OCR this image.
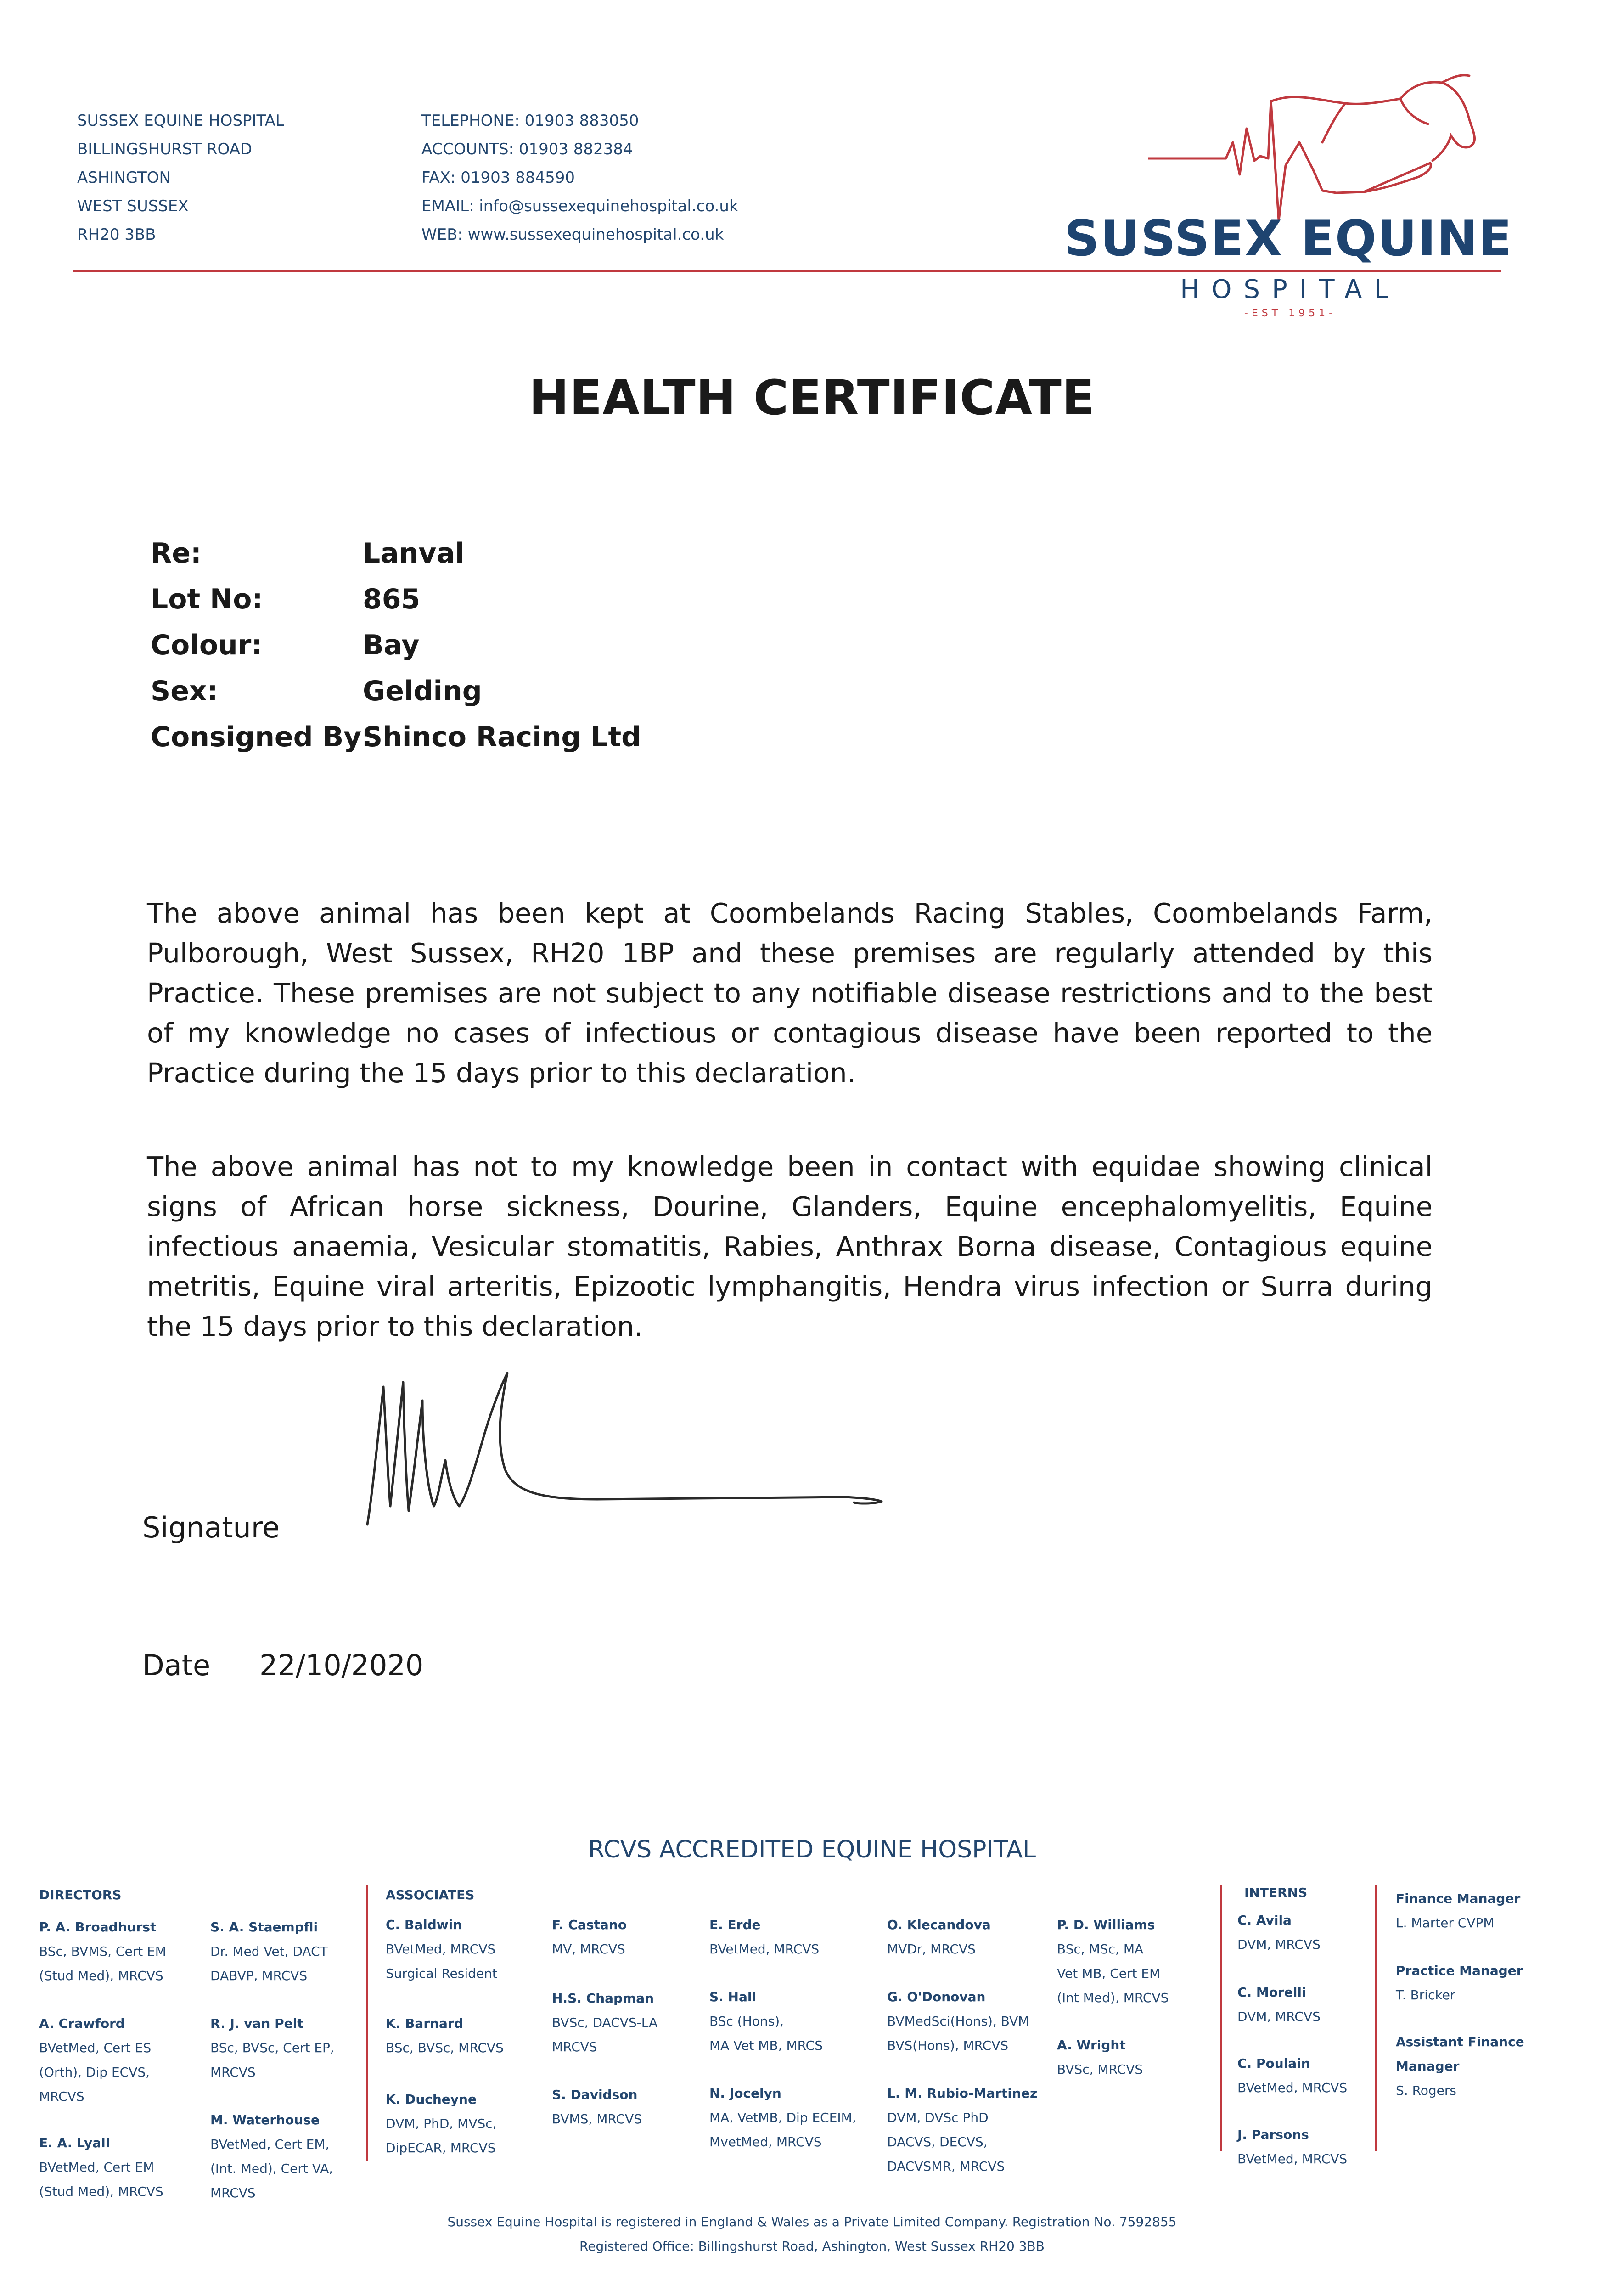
SUSSEX EQUINE HOSPITAL
BILLINGSHURST ROAD
ASHINGTON
WEST SUSSEX
RH20 3BB
TELEPHONE: 01903 883050
ACCOUNTS: 01903 882384
FAX: 01903 884590
EMAIL: info@sussexequinehospital.co.uk
WEB: www.sussexequinehospital.co.uk	SUSSEX EQUINE
HOSPITAL
-EST 1951-
HEALTH CERTIFICATE
Re:	Lanval
Lot No:	865
Colour:	Bay
Sex:	Gelding
Consigned By:
Shinco Racing Ltd
The above animal has been kept at Coombelands Racing Stables, Coombelands Farm, Pulborough, West Sussex, RH20 1BP and these premises are regularly attended by this Practice. These premises are not subject to any notifiable disease restrictions and to the best of my knowledge no cases of infectious or contagious disease have been reported to the Practice during the 15 days prior to this declaration.
The above animal has not to my knowledge been in contact with equidae showing clinical signs of African horse sickness, Dourine, Glanders, Equine encephalomyelitis, Equine infectious anaemia, Vesicular stomatitis, Rabies, Anthrax Borna disease, Contagious equine metritis, Equine viral arteritis, Epizootic lymphangitis, Hendra virus infection or Surra during the 15 days prior to this declaration.
Signature
Date 22/10/2020
RCVS ACCREDITED EQUINE HOSPITAL
DIRECTORS	ASSOCIATES	INTERNS
P. A. Broadhurst
BSc, BVMS, Cert EM
(Stud Med), MRCVS
A. Crawford
BVetMed, Cert ES
(Orth), Dip ECVS,
MRCVS
E. A. Lyall
BVetMed, Cert EM
(Stud Med), MRCVS
S. A. Staempfli
Dr. Med Vet, DACT
DABVP, MRCVS
R. J. van Pelt
BSc, BVSc, Cert EP,
MRCVS
M. Waterhouse
BVetMed, Cert EM,
(Int. Med), Cert VA,
MRCVS
C. Baldwin
BVetMed, MRCVS
Surgical Resident
K. Barnard
BSc, BVSc, MRCVS
K. Ducheyne
DVM, PhD, MVSc,
DipECAR, MRCVS
F. Castano
MV, MRCVS
H.S. Chapman
BVSc, DACVS-LA
MRCVS
S. Davidson
BVMS, MRCVS
E. Erde
BVetMed, MRCVS
S. Hall
BSc (Hons),
MA Vet MB, MRCS
N. Jocelyn
MA, VetMB, Dip ECEIM,
MvetMed, MRCVS
O. Klecandova
MVDr, MRCVS
G. O'Donovan
BVMedSci(Hons), BVM
BVS(Hons), MRCVS
L. M. Rubio-Martinez
DVM, DVSc PhD
DACVS, DECVS,
DACVSMR, MRCVS
P. D. Williams
BSc, MSc, MA
Vet MB, Cert EM
(Int Med), MRCVS
A. Wright
BVSc, MRCVS
C. Avila
DVM, MRCVS
C. Morelli
DVM, MRCVS
C. Poulain
BVetMed, MRCVS
J. Parsons
BVetMed, MRCVS
Finance Manager
L. Marter CVPM
Practice Manager
T. Bricker
Assistant Finance
Manager
S. Rogers
Sussex Equine Hospital is registered in England & Wales as a Private Limited Company. Registration No. 7592855
Registered Office: Billingshurst Road, Ashington, West Sussex RH20 3BB
